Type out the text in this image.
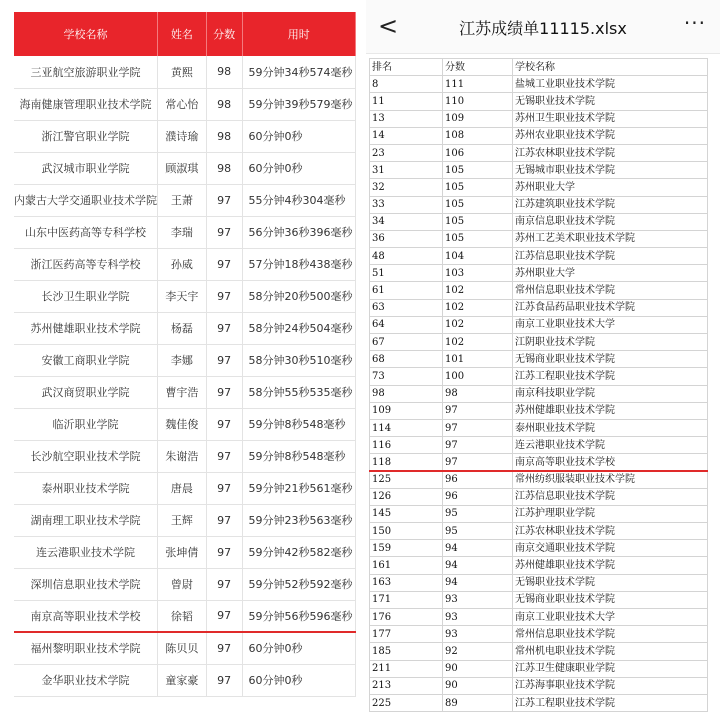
学校名称	姓名	分数	用时
三亚航空旅游职业学院	黄熙	98	59分钟34秒574毫秒
海南健康管理职业技术学院	常心怡	98	59分钟39秒579毫秒
浙江警官职业学院	濮诗瑜	98	60分钟0秒
武汉城市职业学院	顾淑琪	98	60分钟0秒
内蒙古大学交通职业技术学院	王萧	97	55分钟4秒304毫秒
山东中医药高等专科学校	李瑞	97	56分钟36秒396毫秒
浙江医药高等专科学校	孙威	97	57分钟18秒438毫秒
长沙卫生职业学院	李天宇	97	58分钟20秒500毫秒
苏州健雄职业技术学院	杨磊	97	58分钟24秒504毫秒
安徽工商职业学院	李娜	97	58分钟30秒510毫秒
武汉商贸职业学院	曹宇浩	97	58分钟55秒535毫秒
临沂职业学院	魏佳俊	97	59分钟8秒548毫秒
长沙航空职业技术学院	朱谢浩	97	59分钟8秒548毫秒
泰州职业技术学院	唐晨	97	59分钟21秒561毫秒
湖南理工职业技术学院	王辉	97	59分钟23秒563毫秒
连云港职业技术学院	张坤倩	97	59分钟42秒582毫秒
深圳信息职业技术学院	曾尉	97	59分钟52秒592毫秒
南京高等职业技术学校	徐韬	97	59分钟56秒596毫秒
福州黎明职业技术学院	陈贝贝	97	60分钟0秒
金华职业技术学院	童家豪	97	60分钟0秒
<	江苏成绩单11115.xlsx	···
排名	分数	学校名称
8	111	盐城工业职业技术学院
11	110	无锡职业技术学院
13	109	苏州卫生职业技术学院
14	108	苏州农业职业技术学院
23	106	江苏农林职业技术学院
31	105	无锡城市职业技术学院
32	105	苏州职业大学
33	105	江苏建筑职业技术学院
34	105	南京信息职业技术学院
36	105	苏州工艺美术职业技术学院
48	104	江苏信息职业技术学院
51	103	苏州职业大学
61	102	常州信息职业技术学院
63	102	江苏食品药品职业技术学院
64	102	南京工业职业技术大学
67	102	江阴职业技术学院
68	101	无锡商业职业技术学院
73	100	江苏工程职业技术学院
98	98	南京科技职业学院
109	97	苏州健雄职业技术学院
114	97	泰州职业技术学院
116	97	连云港职业技术学院
118	97	南京高等职业技术学校
125	96	常州纺织服装职业技术学院
126	96	江苏信息职业技术学院
145	95	江苏护理职业学院
150	95	江苏农林职业技术学院
159	94	南京交通职业技术学院
161	94	苏州健雄职业技术学院
163	94	无锡职业技术学院
171	93	无锡商业职业技术学院
176	93	南京工业职业技术大学
177	93	常州信息职业技术学院
185	92	常州机电职业技术学院
211	90	江苏卫生健康职业学院
213	90	江苏海事职业技术学院
225	89	江苏工程职业技术学院
